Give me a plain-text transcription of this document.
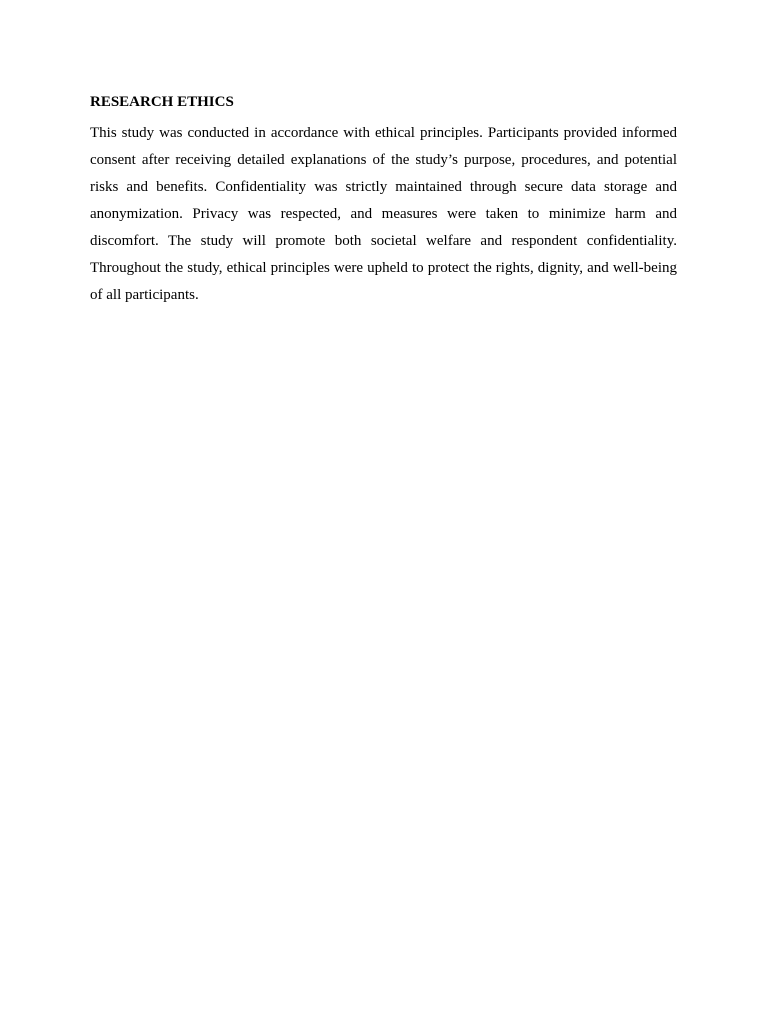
RESEARCH ETHICS

This study was conducted in accordance with ethical principles. Participants provided informed consent after receiving detailed explanations of the study’s purpose, procedures, and potential risks and benefits. Confidentiality was strictly maintained through secure data storage and anonymization. Privacy was respected, and measures were taken to minimize harm and discomfort. The study will promote both societal welfare and respondent confidentiality. Throughout the study, ethical principles were upheld to protect the rights, dignity, and well-being of all participants.
